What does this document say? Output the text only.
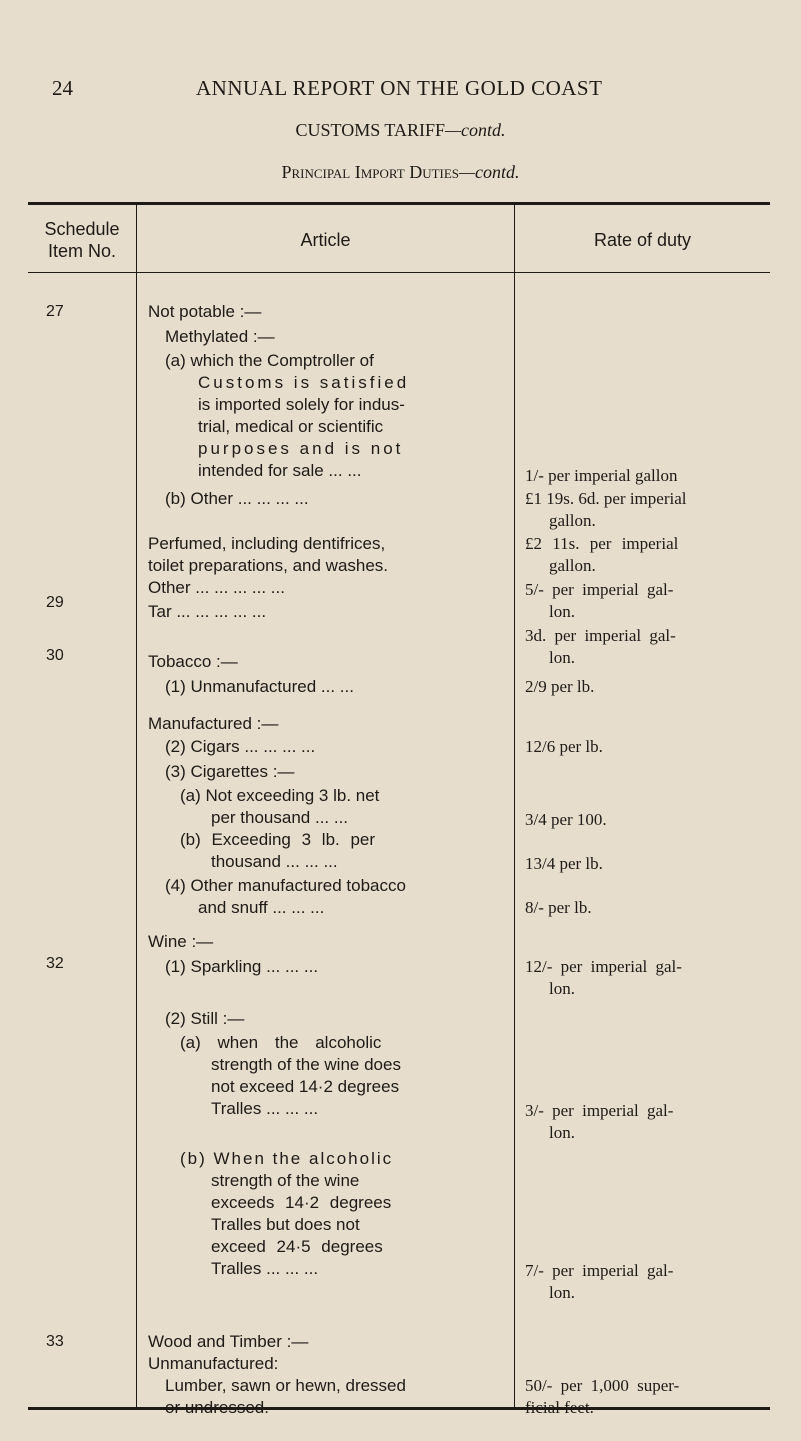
24	ANNUAL REPORT ON THE GOLD COAST
CUSTOMS TARIFF—contd.
Principal Import Duties—contd.
Schedule
Item No.
Article	Rate of duty
27
29
30
32
33
Not potable :—
Methylated :—
(a) which the Comptroller of
Customs is satisfied
is imported solely for indus-
trial, medical or scientific
purposes and is not
intended for sale ... ...
(b) Other ... ... ... ...
Perfumed, including dentifrices,
toilet preparations, and washes.
Other ... ... ... ... ...
Tar ... ... ... ... ...
Tobacco :—
(1) Unmanufactured ... ...
Manufactured :—
(2) Cigars ... ... ... ...
(3) Cigarettes :—
(a) Not exceeding 3 lb. net
per thousand ... ...
(b) Exceeding 3 lb. per
thousand ... ... ...
(4) Other manufactured tobacco
and snuff ... ... ...
Wine :—
(1) Sparkling ... ... ...
(2) Still :—
(a) when the alcoholic
strength of the wine does
not exceed 14·2 degrees
Tralles ... ... ...
(b) When the alcoholic
strength of the wine
exceeds 14·2 degrees
Tralles but does not
exceed 24·5 degrees
Tralles ... ... ...
Wood and Timber :—
Unmanufactured:
Lumber, sawn or hewn, dressed
or undressed.
1/- per imperial gallon
£1 19s. 6d. per imperial
gallon.
£2 11s. per imperial
gallon.
5/- per imperial gal-
lon.
3d. per imperial gal-
lon.
2/9 per lb.
12/6 per lb.
3/4 per 100.
13/4 per lb.
8/- per lb.
12/- per imperial gal-
lon.
3/- per imperial gal-
lon.
7/- per imperial gal-
lon.
50/- per 1,000 super-
ficial feet.
